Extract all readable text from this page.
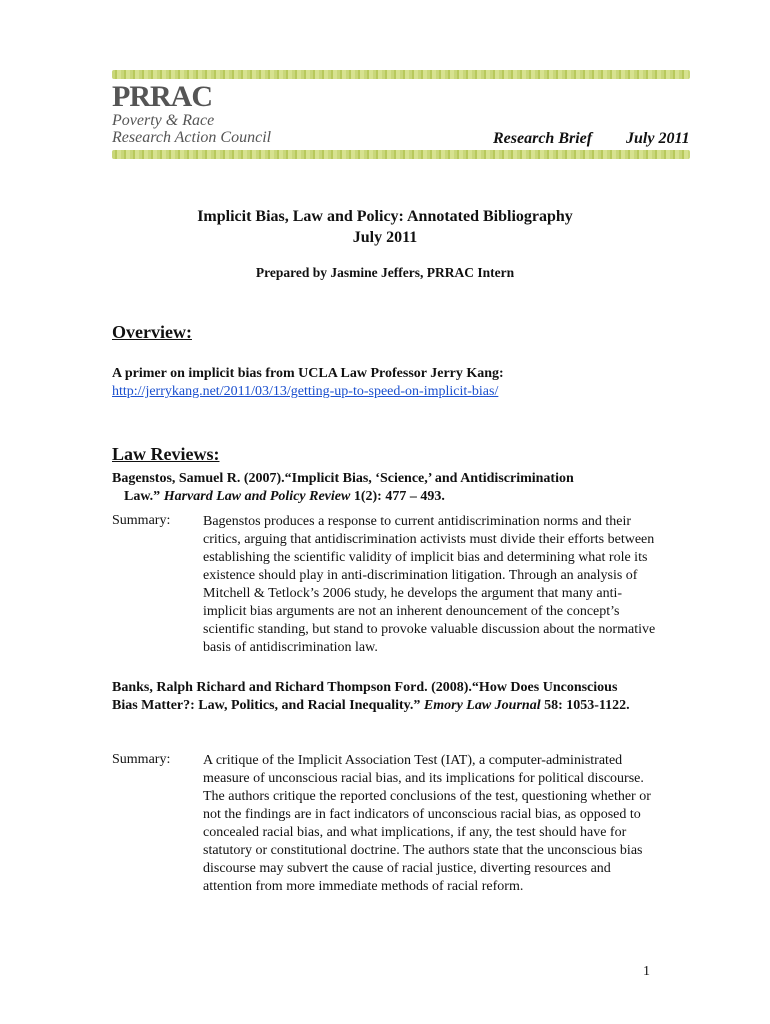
PRRAC
Poverty & Race
Research Action Council	Research Brief July 2011
Implicit Bias, Law and Policy: Annotated Bibliography
July 2011
Prepared by Jasmine Jeffers, PRRAC Intern
Overview:
A primer on implicit bias from UCLA Law Professor Jerry Kang:
http://jerrykang.net/2011/03/13/getting-up-to-speed-on-implicit-bias/
Law Reviews:
Bagenstos, Samuel R. (2007).“Implicit Bias, ‘Science,’ and Antidiscrimination
Law.” Harvard Law and Policy Review 1(2): 477 – 493.
Summary: Bagenstos produces a response to current antidiscrimination norms and their critics, arguing that antidiscrimination activists must divide their efforts between establishing the scientific validity of implicit bias and determining what role its existence should play in anti-discrimination litigation. Through an analysis of Mitchell & Tetlock’s 2006 study, he develops the argument that many anti-implicit bias arguments are not an inherent denouncement of the concept’s scientific standing, but stand to provoke valuable discussion about the normative basis of antidiscrimination law.
Banks, Ralph Richard and Richard Thompson Ford. (2008).“How Does Unconscious Bias Matter?: Law, Politics, and Racial Inequality.” Emory Law Journal 58: 1053-1122.
Summary: A critique of the Implicit Association Test (IAT), a computer-administrated measure of unconscious racial bias, and its implications for political discourse. The authors critique the reported conclusions of the test, questioning whether or not the findings are in fact indicators of unconscious racial bias, as opposed to concealed racial bias, and what implications, if any, the test should have for statutory or constitutional doctrine. The authors state that the unconscious bias discourse may subvert the cause of racial justice, diverting resources and attention from more immediate methods of racial reform.
1
